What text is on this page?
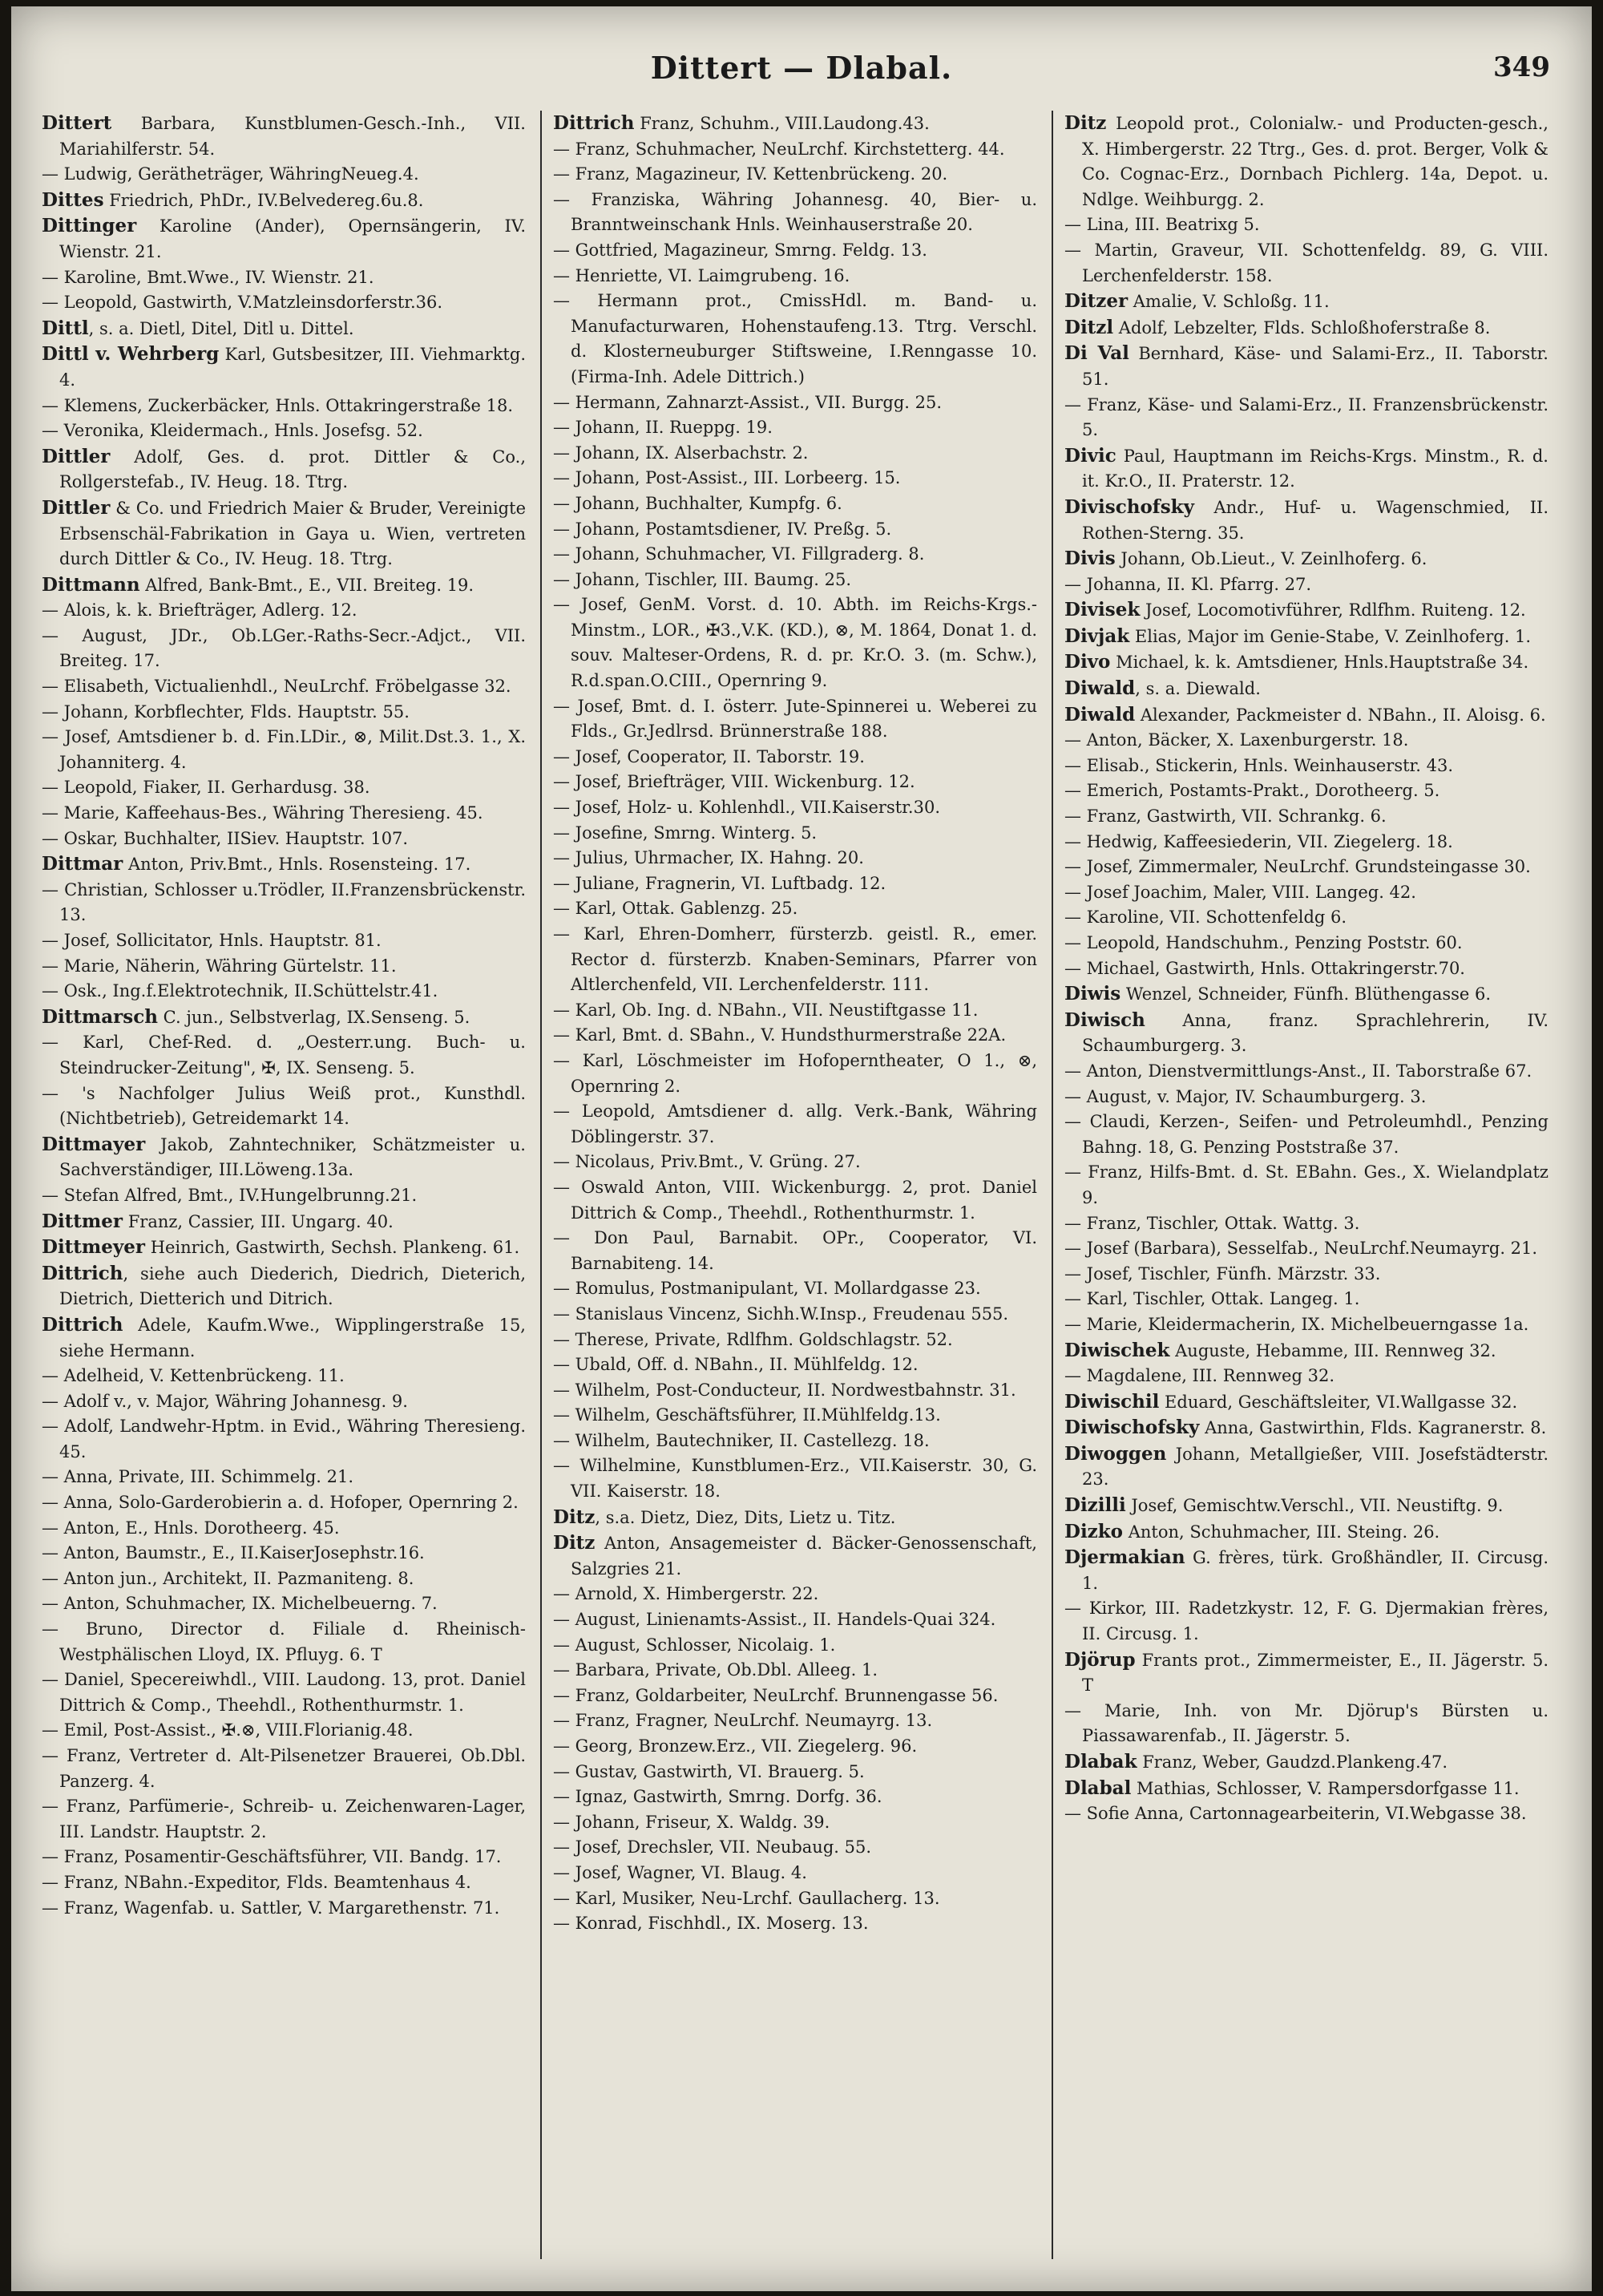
Dittert — Dlabal.	349
Dittert Barbara, Kunstblumen-Gesch.-Inh., VII. Mariahilferstr. 54.
— Ludwig, Gerätheträger, WähringNeueg.4.
Dittes Friedrich, PhDr., IV.Belvedereg.6u.8.
Dittinger Karoline (Ander), Opernsängerin, IV. Wienstr. 21.
— Karoline, Bmt.Wwe., IV. Wienstr. 21.
— Leopold, Gastwirth, V.Matzleinsdorferstr.36.
Dittl, s. a. Dietl, Ditel, Ditl u. Dittel.
Dittl v. Wehrberg Karl, Gutsbesitzer, III. Viehmarktg. 4.
— Klemens, Zuckerbäcker, Hnls. Ottakringerstraße 18.
— Veronika, Kleidermach., Hnls. Josefsg. 52.
Dittler Adolf, Ges. d. prot. Dittler & Co., Rollgerstefab., IV. Heug. 18. Ttrg.
Dittler & Co. und Friedrich Maier & Bruder, Vereinigte Erbsenschäl-Fabrikation in Gaya u. Wien, vertreten durch Dittler & Co., IV. Heug. 18. Ttrg.
Dittmann Alfred, Bank-Bmt., E., VII. Breiteg. 19.
— Alois, k. k. Briefträger, Adlerg. 12.
— August, JDr., Ob.LGer.-Raths-Secr.-Adjct., VII. Breiteg. 17.
— Elisabeth, Victualienhdl., NeuLrchf. Fröbelgasse 32.
— Johann, Korbflechter, Flds. Hauptstr. 55.
— Josef, Amtsdiener b. d. Fin.LDir., ⊗, Milit.Dst.3. 1., X. Johanniterg. 4.
— Leopold, Fiaker, II. Gerhardusg. 38.
— Marie, Kaffeehaus-Bes., Währing Theresieng. 45.
— Oskar, Buchhalter, IISiev. Hauptstr. 107.
Dittmar Anton, Priv.Bmt., Hnls. Rosensteing. 17.
— Christian, Schlosser u.Trödler, II.Franzensbrückenstr. 13.
— Josef, Sollicitator, Hnls. Hauptstr. 81.
— Marie, Näherin, Währing Gürtelstr. 11.
— Osk., Ing.f.Elektrotechnik, II.Schüttelstr.41.
Dittmarsch C. jun., Selbstverlag, IX.Senseng. 5.
— Karl, Chef-Red. d. „Oesterr.ung. Buch- u. Steindrucker-Zeitung", ✠, IX. Senseng. 5.
— 's Nachfolger Julius Weiß prot., Kunsthdl. (Nichtbetrieb), Getreidemarkt 14.
Dittmayer Jakob, Zahntechniker, Schätzmeister u. Sachverständiger, III.Löweng.13a.
— Stefan Alfred, Bmt., IV.Hungelbrunng.21.
Dittmer Franz, Cassier, III. Ungarg. 40.
Dittmeyer Heinrich, Gastwirth, Sechsh. Plankeng. 61.
Dittrich, siehe auch Diederich, Diedrich, Dieterich, Dietrich, Dietterich und Ditrich.
Dittrich Adele, Kaufm.Wwe., Wipplingerstraße 15, siehe Hermann.
— Adelheid, V. Kettenbrückeng. 11.
— Adolf v., v. Major, Währing Johannesg. 9.
— Adolf, Landwehr-Hptm. in Evid., Währing Theresieng. 45.
— Anna, Private, III. Schimmelg. 21.
— Anna, Solo-Garderobierin a. d. Hofoper, Opernring 2.
— Anton, E., Hnls. Dorotheerg. 45.
— Anton, Baumstr., E., II.KaiserJosephstr.16.
— Anton jun., Architekt, II. Pazmaniteng. 8.
— Anton, Schuhmacher, IX. Michelbeuerng. 7.
— Bruno, Director d. Filiale d. Rheinisch-Westphälischen Lloyd, IX. Pfluyg. 6. T
— Daniel, Specereiwhdl., VIII. Laudong. 13, prot. Daniel Dittrich & Comp., Theehdl., Rothenthurmstr. 1.
— Emil, Post-Assist., ✠.⊗, VIII.Florianig.48.
— Franz, Vertreter d. Alt-Pilsenetzer Brauerei, Ob.Dbl. Panzerg. 4.
— Franz, Parfümerie-, Schreib- u. Zeichenwaren-Lager, III. Landstr. Hauptstr. 2.
— Franz, Posamentir-Geschäftsführer, VII. Bandg. 17.
— Franz, NBahn.-Expeditor, Flds. Beamtenhaus 4.
— Franz, Wagenfab. u. Sattler, V. Margarethenstr. 71.
Dittrich Franz, Schuhm., VIII.Laudong.43.
— Franz, Schuhmacher, NeuLrchf. Kirchstetterg. 44.
— Franz, Magazineur, IV. Kettenbrückeng. 20.
— Franziska, Währing Johannesg. 40, Bier- u. Branntweinschank Hnls. Weinhauserstraße 20.
— Gottfried, Magazineur, Smrng. Feldg. 13.
— Henriette, VI. Laimgrubeng. 16.
— Hermann prot., CmissHdl. m. Band- u. Manufacturwaren, Hohenstaufeng.13. Ttrg. Verschl. d. Klosterneuburger Stiftsweine, I.Renngasse 10.(Firma-Inh. Adele Dittrich.)
— Hermann, Zahnarzt-Assist., VII. Burgg. 25.
— Johann, II. Rueppg. 19.
— Johann, IX. Alserbachstr. 2.
— Johann, Post-Assist., III. Lorbeerg. 15.
— Johann, Buchhalter, Kumpfg. 6.
— Johann, Postamtsdiener, IV. Preßg. 5.
— Johann, Schuhmacher, VI. Fillgraderg. 8.
— Johann, Tischler, III. Baumg. 25.
— Josef, GenM. Vorst. d. 10. Abth. im Reichs-Krgs.-Minstm., LOR., ✠3.,V.K. (KD.), ⊗, M. 1864, Donat 1. d. souv. Malteser-Ordens, R. d. pr. Kr.O. 3. (m. Schw.), R.d.span.O.CIII., Opernring 9.
— Josef, Bmt. d. I. österr. Jute-Spinnerei u. Weberei zu Flds., Gr.Jedlrsd. Brünnerstraße 188.
— Josef, Cooperator, II. Taborstr. 19.
— Josef, Briefträger, VIII. Wickenburg. 12.
— Josef, Holz- u. Kohlenhdl., VII.Kaiserstr.30.
— Josefine, Smrng. Winterg. 5.
— Julius, Uhrmacher, IX. Hahng. 20.
— Juliane, Fragnerin, VI. Luftbadg. 12.
— Karl, Ottak. Gablenzg. 25.
— Karl, Ehren-Domherr, fürsterzb. geistl. R., emer. Rector d. fürsterzb. Knaben-Seminars, Pfarrer von Altlerchenfeld, VII. Lerchenfelderstr. 111.
— Karl, Ob. Ing. d. NBahn., VII. Neustiftgasse 11.
— Karl, Bmt. d. SBahn., V. Hundsthurmerstraße 22A.
— Karl, Löschmeister im Hofoperntheater, O 1., ⊗, Opernring 2.
— Leopold, Amtsdiener d. allg. Verk.-Bank, Währing Döblingerstr. 37.
— Nicolaus, Priv.Bmt., V. Grüng. 27.
— Oswald Anton, VIII. Wickenburgg. 2, prot. Daniel Dittrich & Comp., Theehdl., Rothenthurmstr. 1.
— Don Paul, Barnabit. OPr., Cooperator, VI. Barnabiteng. 14.
— Romulus, Postmanipulant, VI. Mollardgasse 23.
— Stanislaus Vincenz, Sichh.W.Insp., Freudenau 555.
— Therese, Private, Rdlfhm. Goldschlagstr. 52.
— Ubald, Off. d. NBahn., II. Mühlfeldg. 12.
— Wilhelm, Post-Conducteur, II. Nordwestbahnstr. 31.
— Wilhelm, Geschäftsführer, II.Mühlfeldg.13.
— Wilhelm, Bautechniker, II. Castellezg. 18.
— Wilhelmine, Kunstblumen-Erz., VII.Kaiserstr. 30, G. VII. Kaiserstr. 18.
Ditz, s.a. Dietz, Diez, Dits, Lietz u. Titz.
Ditz Anton, Ansagemeister d. Bäcker-Genossenschaft, Salzgries 21.
— Arnold, X. Himbergerstr. 22.
— August, Linienamts-Assist., II. Handels-Quai 324.
— August, Schlosser, Nicolaig. 1.
— Barbara, Private, Ob.Dbl. Alleeg. 1.
— Franz, Goldarbeiter, NeuLrchf. Brunnengasse 56.
— Franz, Fragner, NeuLrchf. Neumayrg. 13.
— Georg, Bronzew.Erz., VII. Ziegelerg. 96.
— Gustav, Gastwirth, VI. Brauerg. 5.
— Ignaz, Gastwirth, Smrng. Dorfg. 36.
— Johann, Friseur, X. Waldg. 39.
— Josef, Drechsler, VII. Neubaug. 55.
— Josef, Wagner, VI. Blaug. 4.
— Karl, Musiker, Neu-Lrchf. Gaullacherg. 13.
— Konrad, Fischhdl., IX. Moserg. 13.
Ditz Leopold prot., Colonialw.- und Producten-gesch., X. Himbergerstr. 22 Ttrg., Ges. d. prot. Berger, Volk & Co. Cognac-Erz., Dornbach Pichlerg. 14a, Depot. u. Ndlge. Weihburgg. 2.
— Lina, III. Beatrixg 5.
— Martin, Graveur, VII. Schottenfeldg. 89, G. VIII. Lerchenfelderstr. 158.
Ditzer Amalie, V. Schloßg. 11.
Ditzl Adolf, Lebzelter, Flds. Schloßhoferstraße 8.
Di Val Bernhard, Käse- und Salami-Erz., II. Taborstr. 51.
— Franz, Käse- und Salami-Erz., II. Franzensbrückenstr. 5.
Divic Paul, Hauptmann im Reichs-Krgs. Minstm., R. d. it. Kr.O., II. Praterstr. 12.
Divischofsky Andr., Huf- u. Wagenschmied, II. Rothen-Sterng. 35.
Divis Johann, Ob.Lieut., V. Zeinlhoferg. 6.
— Johanna, II. Kl. Pfarrg. 27.
Divisek Josef, Locomotivführer, Rdlfhm. Ruiteng. 12.
Divjak Elias, Major im Genie-Stabe, V. Zeinlhoferg. 1.
Divo Michael, k. k. Amtsdiener, Hnls.Hauptstraße 34.
Diwald, s. a. Diewald.
Diwald Alexander, Packmeister d. NBahn., II. Aloisg. 6.
— Anton, Bäcker, X. Laxenburgerstr. 18.
— Elisab., Stickerin, Hnls. Weinhauserstr. 43.
— Emerich, Postamts-Prakt., Dorotheerg. 5.
— Franz, Gastwirth, VII. Schrankg. 6.
— Hedwig, Kaffeesiederin, VII. Ziegelerg. 18.
— Josef, Zimmermaler, NeuLrchf. Grundsteingasse 30.
— Josef Joachim, Maler, VIII. Langeg. 42.
— Karoline, VII. Schottenfeldg 6.
— Leopold, Handschuhm., Penzing Poststr. 60.
— Michael, Gastwirth, Hnls. Ottakringerstr.70.
Diwis Wenzel, Schneider, Fünfh. Blüthengasse 6.
Diwisch Anna, franz. Sprachlehrerin, IV. Schaumburgerg. 3.
— Anton, Dienstvermittlungs-Anst., II. Taborstraße 67.
— August, v. Major, IV. Schaumburgerg. 3.
— Claudi, Kerzen-, Seifen- und Petroleumhdl., Penzing Bahng. 18, G. Penzing Poststraße 37.
— Franz, Hilfs-Bmt. d. St. EBahn. Ges., X. Wielandplatz 9.
— Franz, Tischler, Ottak. Wattg. 3.
— Josef (Barbara), Sesselfab., NeuLrchf.Neumayrg. 21.
— Josef, Tischler, Fünfh. Märzstr. 33.
— Karl, Tischler, Ottak. Langeg. 1.
— Marie, Kleidermacherin, IX. Michelbeuerngasse 1a.
Diwischek Auguste, Hebamme, III. Rennweg 32.
— Magdalene, III. Rennweg 32.
Diwischil Eduard, Geschäftsleiter, VI.Wallgasse 32.
Diwischofsky Anna, Gastwirthin, Flds. Kagranerstr. 8.
Diwoggen Johann, Metallgießer, VIII. Josefstädterstr. 23.
Dizilli Josef, Gemischtw.Verschl., VII. Neustiftg. 9.
Dizko Anton, Schuhmacher, III. Steing. 26.
Djermakian G. frères, türk. Großhändler, II. Circusg. 1.
— Kirkor, III. Radetzkystr. 12, F. G. Djermakian frères, II. Circusg. 1.
Djörup Frants prot., Zimmermeister, E., II. Jägerstr. 5. T
— Marie, Inh. von Mr. Djörup's Bürsten u. Piassawarenfab., II. Jägerstr. 5.
Dlabak Franz, Weber, Gaudzd.Plankeng.47.
Dlabal Mathias, Schlosser, V. Rampersdorfgasse 11.
— Sofie Anna, Cartonnagearbeiterin, VI.Webgasse 38.
